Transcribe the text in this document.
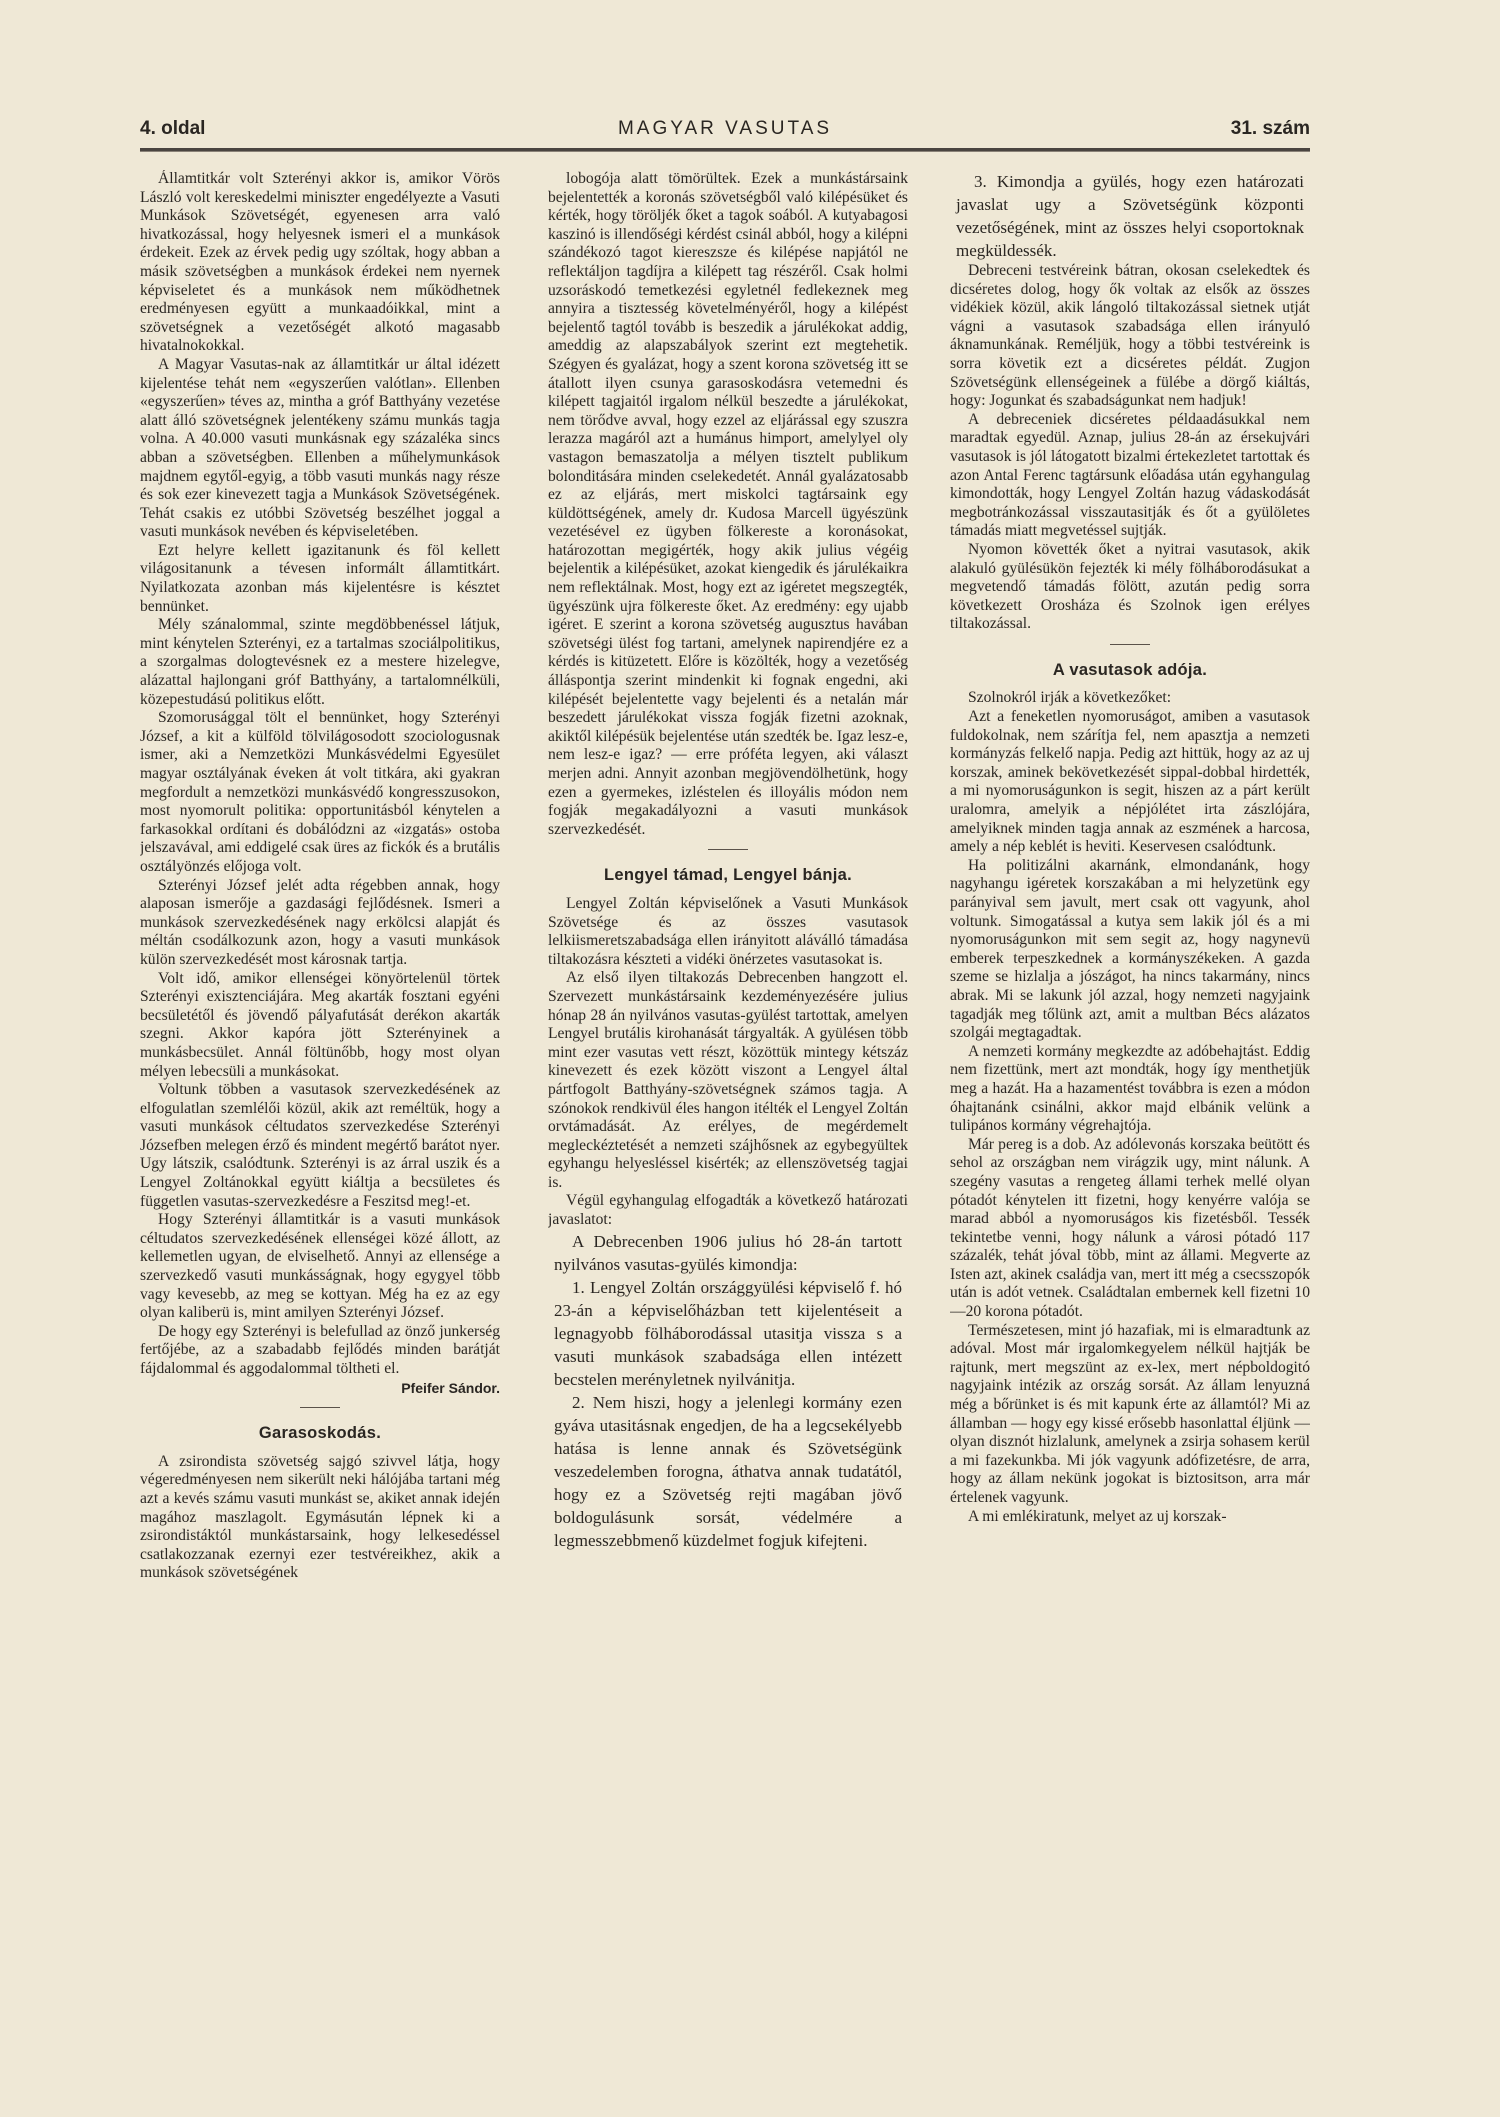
4. oldal	MAGYAR VASUTAS	31. szám

Államtitkár volt Szterényi akkor is, amikor Vörös László volt kereskedelmi miniszter engedélyezte a Vasuti Munkások Szövetségét, egyenesen arra való hivatkozással, hogy helyesnek ismeri el a munkások érdekeit. Ezek az érvek pedig ugy szóltak, hogy abban a másik szövetségben a munkások érdekei nem nyernek képviseletet és a munkások nem működhetnek eredményesen együtt a munkaadóikkal, mint a szövetségnek a vezetőségét alkotó magasabb hivatalnokokkal.

A Magyar Vasutas-nak az államtitkár ur által idézett kijelentése tehát nem «egyszerűen valótlan». Ellenben «egyszerűen» téves az, mintha a gróf Batthyány vezetése alatt álló szövetségnek jelentékeny számu munkás tagja volna. A 40.000 vasuti munkásnak egy százaléka sincs abban a szövetségben. Ellenben a műhelymunkások majdnem egytől-egyig, a több vasuti munkás nagy része és sok ezer kinevezett tagja a Munkások Szövetségének. Tehát csakis ez utóbbi Szövetség beszélhet joggal a vasuti munkások nevében és képviseletében.

Ezt helyre kellett igazitanunk és föl kellett világositanunk a tévesen informált államtitkárt. Nyilatkozata azonban más kijelentésre is késztet bennünket.

Mély szánalommal, szinte megdöbbenéssel látjuk, mint kénytelen Szterényi, ez a tartalmas szociálpolitikus, a szorgalmas dologtevésnek ez a mestere hizelegve, alázattal hajlongani gróf Batthyány, a tartalomnélküli, közepestudású politikus előtt.

Szomorusággal tölt el bennünket, hogy Szterényi József, a kit a külföld tölvilágosodott szociologusnak ismer, aki a Nemzetközi Munkásvédelmi Egyesület magyar osztályának éveken át volt titkára, aki gyakran megfordult a nemzetközi munkásvédő kongresszusokon, most nyomorult politika: opportunitásból kénytelen a farkasokkal ordítani és dobálódzni az «izgatás» ostoba jelszavával, ami eddigelé csak üres az fickók és a brutális osztályönzés előjoga volt.

Szterényi József jelét adta régebben annak, hogy alaposan ismerője a gazdasági fejlődésnek. Ismeri a munkások szervezkedésének nagy erkölcsi alapját és méltán csodálkozunk azon, hogy a vasuti munkások külön szervezkedését most károsnak tartja.

Volt idő, amikor ellenségei könyörtelenül törtek Szterényi exisztenciájára. Meg akarták fosztani egyéni becsületétől és jövendő pályafutását derékon akarták szegni. Akkor kapóra jött Szterényinek a munkásbecsület. Annál föltünőbb, hogy most olyan mélyen lebecsüli a munkásokat.

Voltunk többen a vasutasok szervezkedésének az elfogulatlan szemlélői közül, akik azt reméltük, hogy a vasuti munkások céltudatos szervezkedése Szterényi Józsefben melegen érző és mindent megértő barátot nyer. Ugy látszik, csalódtunk. Szterényi is az árral uszik és a Lengyel Zoltánokkal együtt kiáltja a becsületes és független vasutas-szervezkedésre a Feszitsd meg!-et.

Hogy Szterényi államtitkár is a vasuti munkások céltudatos szervezkedésének ellenségei közé állott, az kellemetlen ugyan, de elviselhető. Annyi az ellensége a szervezkedő vasuti munkásságnak, hogy egygyel több vagy kevesebb, az meg se kottyan. Még ha ez az egy olyan kaliberü is, mint amilyen Szterényi József.

De hogy egy Szterényi is belefullad az önző junkerség fertőjébe, az a szabadabb fejlődés minden barátját fájdalommal és aggodalommal töltheti el.

Pfeifer Sándor.

Garasoskodás.

A zsirondista szövetség sajgó szivvel látja, hogy végeredményesen nem sikerült neki hálójába tartani még azt a kevés számu vasuti munkást se, akiket annak idején magához maszlagolt. Egymásután lépnek ki a zsirondistáktól munkástarsaink, hogy lelkesedéssel csatlakozzanak ezernyi ezer testvéreikhez, akik a munkások szövetségének

lobogója alatt tömörültek. Ezek a munkástársaink bejelentették a koronás szövetségből való kilépésüket és kérték, hogy töröljék őket a tagok soából. A kutyabagosi kaszinó is illendőségi kérdést csinál abból, hogy a kilépni szándékozó tagot kiereszsze és kilépése napjától ne reflektáljon tagdíjra a kilépett tag részéről. Csak holmi uzsoráskodó temetkezési egyletnél fedlekeznek meg annyira a tisztesség követelményéről, hogy a kilépést bejelentő tagtól tovább is beszedik a járulékokat addig, ameddig az alapszabályok szerint ezt megtehetik. Szégyen és gyalázat, hogy a szent korona szövetség itt se átallott ilyen csunya garasoskodásra vetemedni és kilépett tagjaitól irgalom nélkül beszedte a járulékokat, nem törődve avval, hogy ezzel az eljárással egy szuszra lerazza magáról azt a humánus himport, amelylyel oly vastagon bemaszatolja a mélyen tisztelt publikum bolonditására minden cselekedetét. Annál gyalázatosabb ez az eljárás, mert miskolci tagtársaink egy küldöttségének, amely dr. Kudosa Marcell ügyészünk vezetésével ez ügyben fölkereste a koronásokat, határozottan megigérték, hogy akik julius végéig bejelentik a kilépésüket, azokat kiengedik és járulékaikra nem reflektálnak. Most, hogy ezt az igéretet megszegték, ügyészünk ujra fölkereste őket. Az eredmény: egy ujabb igéret. E szerint a korona szövetség augusztus havában szövetségi ülést fog tartani, amelynek napirendjére ez a kérdés is kitüzetett. Előre is közölték, hogy a vezetőség álláspontja szerint mindenkit ki fognak engedni, aki kilépését bejelentette vagy bejelenti és a netalán már beszedett járulékokat vissza fogják fizetni azoknak, akiktől kilépésük bejelentése után szedték be. Igaz lesz-e, nem lesz-e igaz? — erre próféta legyen, aki választ merjen adni. Annyit azonban megjövendölhetünk, hogy ezen a gyermekes, izléstelen és illoyális módon nem fogják megakadályozni a vasuti munkások szervezkedését.

Lengyel támad, Lengyel bánja.

Lengyel Zoltán képviselőnek a Vasuti Munkások Szövetsége és az összes vasutasok lelkiismeretszabadsága ellen irányitott aláválló támadása tiltakozásra készteti a vidéki önérzetes vasutasokat is.

Az első ilyen tiltakozás Debrecenben hangzott el. Szervezett munkástársaink kezdeményezésére julius hónap 28 án nyilvános vasutas-gyülést tartottak, amelyen Lengyel brutális kirohanását tárgyalták. A gyülésen több mint ezer vasutas vett részt, közöttük mintegy kétszáz kinevezett és ezek között viszont a Lengyel által pártfogolt Batthyány-szövetségnek számos tagja. A szónokok rendkivül éles hangon itélték el Lengyel Zoltán orvtámadását. Az erélyes, de megérdemelt megleckéztetését a nemzeti szájhősnek az egybegyültek egyhangu helyesléssel kisérték; az ellenszövetség tagjai is.

Végül egyhangulag elfogadták a következő határozati javaslatot:

A Debrecenben 1906 julius hó 28-án tartott nyilvános vasutas-gyülés kimondja:

1. Lengyel Zoltán országgyülési képviselő f. hó 23-án a képviselőházban tett kijelentéseit a legnagyobb fölháborodással utasitja vissza s a vasuti munkások szabadsága ellen intézett becstelen merényletnek nyilvánitja.

2. Nem hiszi, hogy a jelenlegi kormány ezen gyáva utasitásnak engedjen, de ha a legcsekélyebb hatása is lenne annak és Szövetségünk veszedelemben forogna, áthatva annak tudatától, hogy ez a Szövetség rejti magában jövő boldogulásunk sorsát, védelmére a legmesszebbmenő küzdelmet fogjuk kifejteni.

3. Kimondja a gyülés, hogy ezen határozati javaslat ugy a Szövetségünk központi vezetőségének, mint az összes helyi csoportoknak megküldessék.

Debreceni testvéreink bátran, okosan cselekedtek és dicséretes dolog, hogy ők voltak az elsők az összes vidékiek közül, akik lángoló tiltakozással sietnek utját vágni a vasutasok szabadsága ellen irányuló áknamunkának. Reméljük, hogy a többi testvéreink is sorra követik ezt a dicséretes példát. Zugjon Szövetségünk ellenségeinek a fülébe a dörgő kiáltás, hogy: Jogunkat és szabadságunkat nem hadjuk!

A debreceniek dicséretes példaadásukkal nem maradtak egyedül. Aznap, julius 28-án az érsekujvári vasutasok is jól látogatott bizalmi értekezletet tartottak és azon Antal Ferenc tagtársunk előadása után egyhangulag kimondották, hogy Lengyel Zoltán hazug vádaskodását megbotránkozással visszautasitják és őt a gyülöletes támadás miatt megvetéssel sujtják.

Nyomon követték őket a nyitrai vasutasok, akik alakuló gyülésükön fejezték ki mély fölháborodásukat a megvetendő támadás fölött, azután pedig sorra következett Orosháza és Szolnok igen erélyes tiltakozással.

A vasutasok adója.

Szolnokról irják a következőket:

Azt a feneketlen nyomoruságot, amiben a vasutasok fuldokolnak, nem szárítja fel, nem apasztja a nemzeti kormányzás felkelő napja. Pedig azt hittük, hogy az az uj korszak, aminek bekövetkezését sippal-dobbal hirdették, a mi nyomoruságunkon is segit, hiszen az a párt került uralomra, amelyik a népjólétet irta zászlójára, amelyiknek minden tagja annak az eszmének a harcosa, amely a nép keblét is heviti. Keservesen csalódtunk.

Ha politizálni akarnánk, elmondanánk, hogy nagyhangu igéretek korszakában a mi helyzetünk egy parányival sem javult, mert csak ott vagyunk, ahol voltunk. Simogatással a kutya sem lakik jól és a mi nyomoruságunkon mit sem segit az, hogy nagynevü emberek terpeszkednek a kormányszékeken. A gazda szeme se hizlalja a jószágot, ha nincs takarmány, nincs abrak. Mi se lakunk jól azzal, hogy nemzeti nagyjaink tagadják meg tőlünk azt, amit a multban Bécs alázatos szolgái megtagadtak.

A nemzeti kormány megkezdte az adóbehajtást. Eddig nem fizettünk, mert azt mondták, hogy így menthetjük meg a hazát. Ha a hazamentést továbbra is ezen a módon óhajtanánk csinálni, akkor majd elbánik velünk a tulipános kormány végrehajtója.

Már pereg is a dob. Az adólevonás korszaka beütött és sehol az országban nem virágzik ugy, mint nálunk. A szegény vasutas a rengeteg állami terhek mellé olyan pótadót kénytelen itt fizetni, hogy kenyérre valója se marad abból a nyomoruságos kis fizetésből. Tessék tekintetbe venni, hogy nálunk a városi pótadó 117 százalék, tehát jóval több, mint az állami. Megverte az Isten azt, akinek családja van, mert itt még a csecsszopók után is adót vetnek. Családtalan embernek kell fizetni 10—20 korona pótadót.

Természetesen, mint jó hazafiak, mi is elmaradtunk az adóval. Most már irgalomkegyelem nélkül hajtják be rajtunk, mert megszünt az ex-lex, mert népboldogitó nagyjaink intézik az ország sorsát. Az állam lenyuzná még a bőrünket is és mit kapunk érte az államtól? Mi az államban — hogy egy kissé erősebb hasonlattal éljünk — olyan disznót hizlalunk, amelynek a zsirja sohasem kerül a mi fazekunkba. Mi jók vagyunk adófizetésre, de arra, hogy az állam nekünk jogokat is biztositson, arra már értelenek vagyunk.

A mi emlékiratunk, melyet az uj korszak-
